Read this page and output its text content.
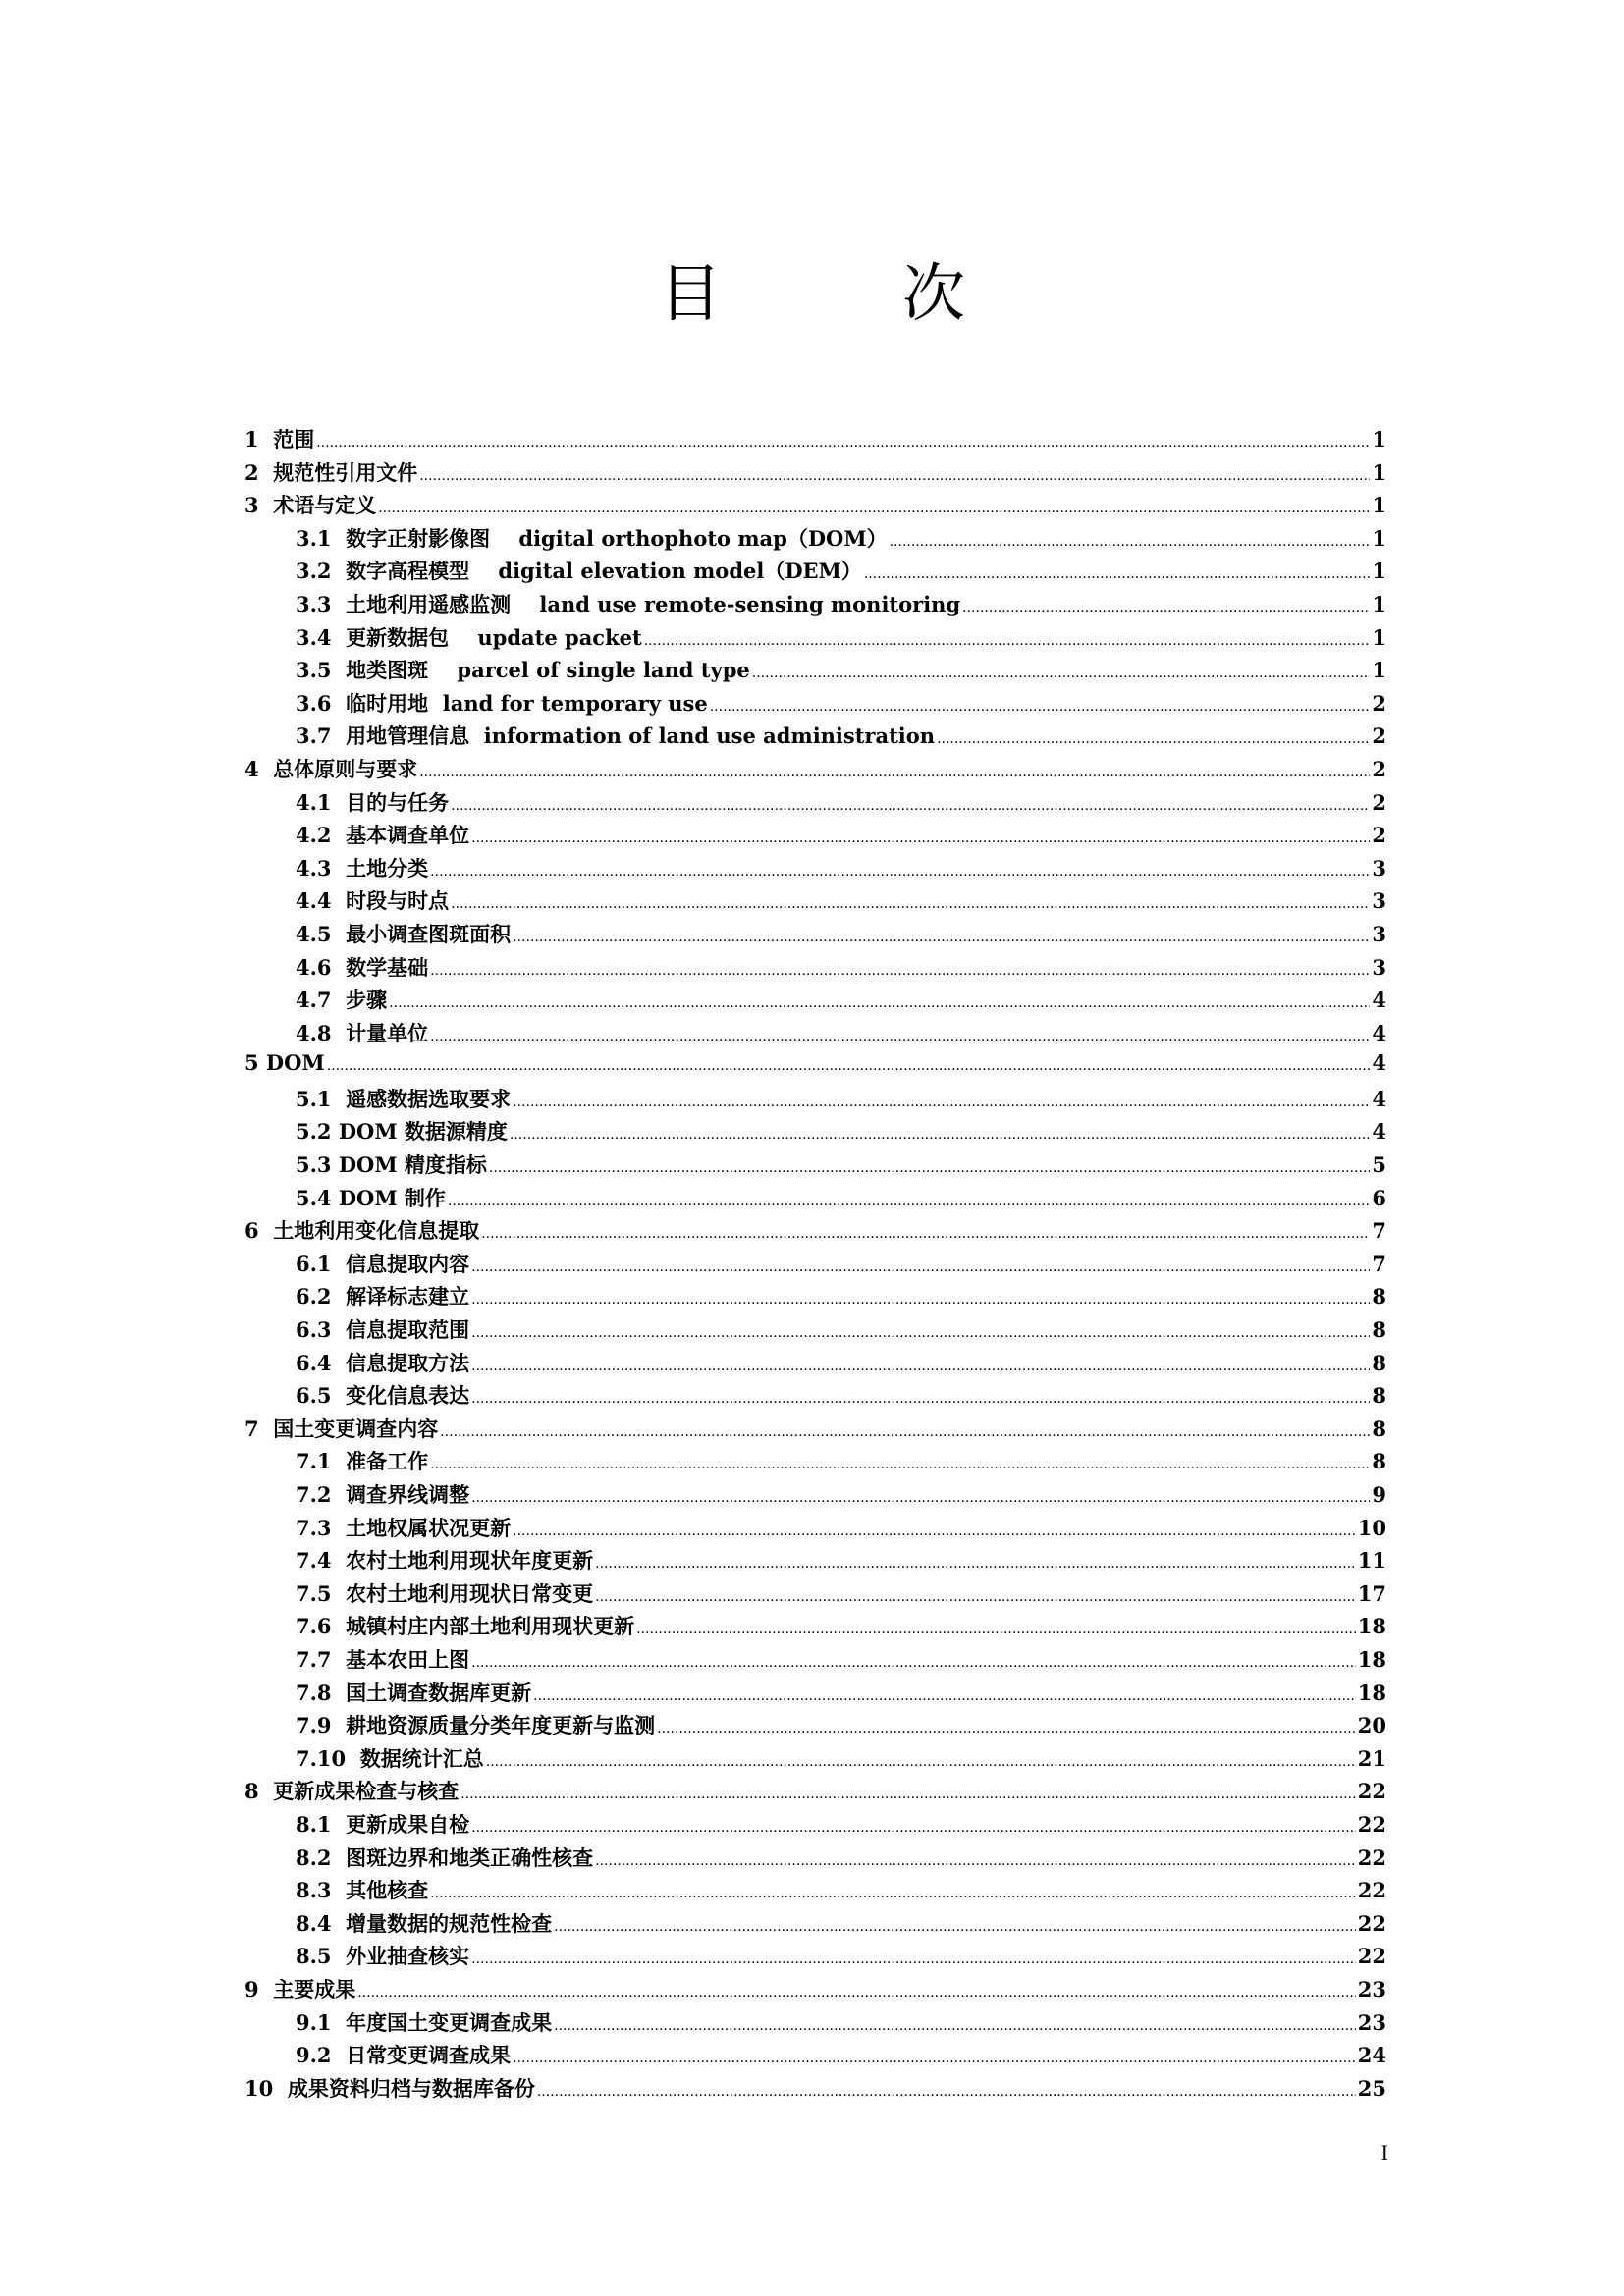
目　次
1  范围 .....	1
2  规范性引用文件 .....	1
3  术语与定义 .....	1
3.1  数字正射影像图    digital orthophoto map（DOM） .....	1
3.2  数字高程模型    digital elevation model（DEM） .....	1
3.3  土地利用遥感监测    land use remote-sensing monitoring .....	1
3.4  更新数据包    update packet .....	1
3.5  地类图斑    parcel of single land type .....	1
3.6  临时用地  land for temporary use .....	2
3.7  用地管理信息  information of land use administration .....	2
4  总体原则与要求 .....	2
4.1  目的与任务 .....	2
4.2  基本调查单位 .....	2
4.3  土地分类 .....	3
4.4  时段与时点 .....	3
4.5  最小调查图斑面积 .....	3
4.6  数学基础 .....	3
4.7  步骤 .....	4
4.8  计量单位 .....	4
5 DOM .....	4
5.1  遥感数据选取要求 .....	4
5.2 DOM 数据源精度 .....	4
5.3 DOM 精度指标 .....	5
5.4 DOM 制作 .....	6
6  土地利用变化信息提取 .....	7
6.1  信息提取内容 .....	7
6.2  解译标志建立 .....	8
6.3  信息提取范围 .....	8
6.4  信息提取方法 .....	8
6.5  变化信息表达 .....	8
7  国土变更调查内容 .....	8
7.1  准备工作 .....	8
7.2  调查界线调整 .....	9
7.3  土地权属状况更新 .....	10
7.4  农村土地利用现状年度更新 .....	11
7.5  农村土地利用现状日常变更 .....	17
7.6  城镇村庄内部土地利用现状更新 .....	18
7.7  基本农田上图 .....	18
7.8  国土调查数据库更新 .....	18
7.9  耕地资源质量分类年度更新与监测 .....	20
7.10  数据统计汇总 .....	21
8  更新成果检查与核查 .....	22
8.1  更新成果自检 .....	22
8.2  图斑边界和地类正确性核查 .....	22
8.3  其他核查 .....	22
8.4  增量数据的规范性检查 .....	22
8.5  外业抽查核实 .....	22
9  主要成果 .....	23
9.1  年度国土变更调查成果 .....	23
9.2  日常变更调查成果 .....	24
10  成果资料归档与数据库备份 .....	25
I
